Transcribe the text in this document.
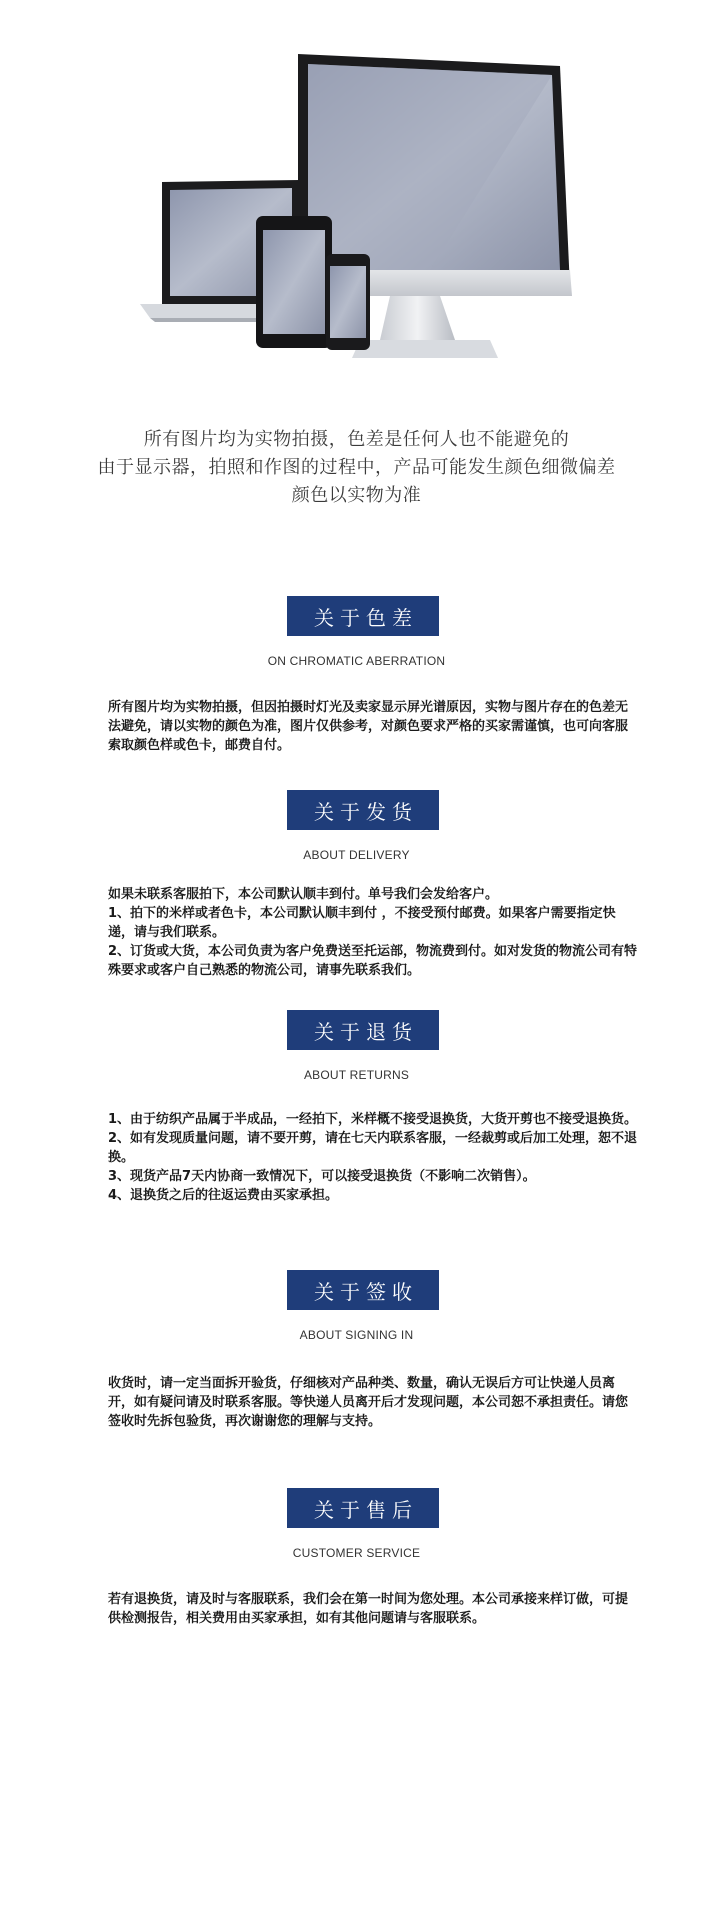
所有图片均为实物拍摄，色差是任何人也不能避免的
由于显示器，拍照和作图的过程中，产品可能发生颜色细微偏差
颜色以实物为准
关于色差
ON CHROMATIC ABERRATION

所有图片均为实物拍摄，但因拍摄时灯光及卖家显示屏光谱原因，实物与图片存在的色差无法避免，请以实物的颜色为准，图片仅供参考，对颜色要求严格的买家需谨慎，也可向客服索取颜色样或色卡，邮费自付。

关于发货
ABOUT DELIVERY

如果未联系客服拍下，本公司默认顺丰到付。单号我们会发给客户。

1、拍下的米样或者色卡，本公司默认顺丰到付 ，不接受预付邮费。如果客户需要指定快递，请与我们联系。

2、订货或大货，本公司负责为客户免费送至托运部，物流费到付。如对发货的物流公司有特殊要求或客户自己熟悉的物流公司，请事先联系我们。

关于退货
ABOUT RETURNS

1、由于纺织产品属于半成品，一经拍下，米样概不接受退换货，大货开剪也不接受退换货。

2、如有发现质量问题，请不要开剪，请在七天内联系客服，一经裁剪或后加工处理，恕不退换。

3、现货产品7天内协商一致情况下，可以接受退换货（不影响二次销售）。

4、退换货之后的往返运费由买家承担。

关于签收
ABOUT SIGNING IN

收货时，请一定当面拆开验货，仔细核对产品种类、数量，确认无误后方可让快递人员离开，如有疑问请及时联系客服。等快递人员离开后才发现问题，本公司恕不承担责任。请您签收时先拆包验货，再次谢谢您的理解与支持。

关于售后
CUSTOMER SERVICE

若有退换货，请及时与客服联系，我们会在第一时间为您处理。本公司承接来样订做，可提供检测报告，相关费用由买家承担，如有其他问题请与客服联系。
